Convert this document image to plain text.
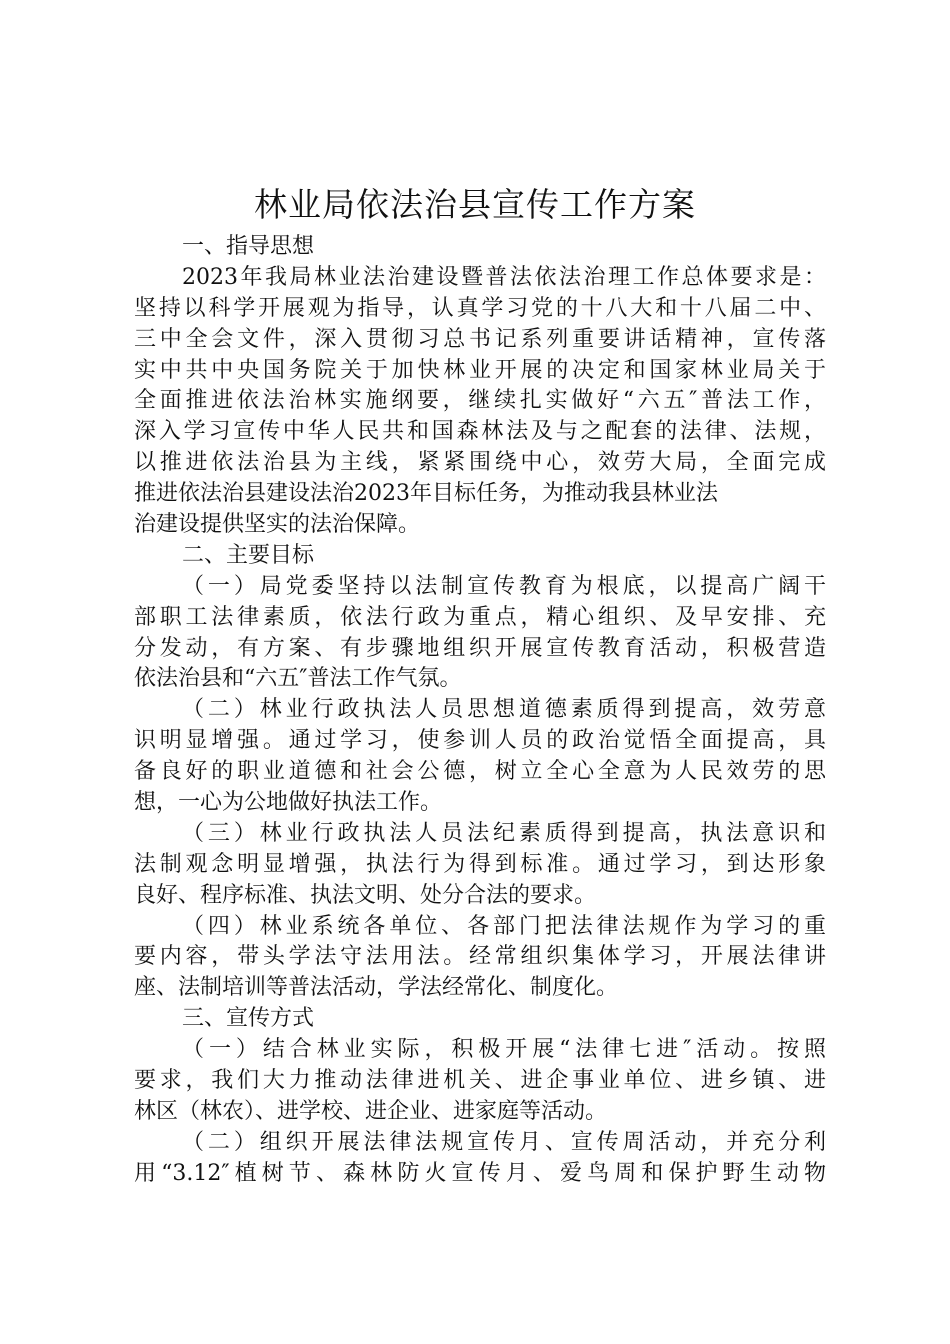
林业局依法治县宣传工作方案
一、指导思想
2023年我局林业法治建设暨普法依法治理工作总体要求是：
坚持以科学开展观为指导，认真学习党的十八大和十八届二中、
三中全会文件，深入贯彻习总书记系列重要讲话精神，宣传落
实中共中央国务院关于加快林业开展的决定和国家林业局关于
全面推进依法治林实施纲要，继续扎实做好“六五″普法工作，
深入学习宣传中华人民共和国森林法及与之配套的法律、法规，
以推进依法治县为主线，紧紧围绕中心，效劳大局，全面完成
推进依法治县建设法治2023年目标任务，为推动我县林业法
治建设提供坚实的法治保障。
二、主要目标
（一）局党委坚持以法制宣传教育为根底，以提高广阔干
部职工法律素质，依法行政为重点，精心组织、及早安排、充
分发动，有方案、有步骤地组织开展宣传教育活动，积极营造
依法治县和“六五″普法工作气氛。
（二）林业行政执法人员思想道德素质得到提高，效劳意
识明显增强。通过学习，使参训人员的政治觉悟全面提高，具
备良好的职业道德和社会公德，树立全心全意为人民效劳的思
想，一心为公地做好执法工作。
（三）林业行政执法人员法纪素质得到提高，执法意识和
法制观念明显增强，执法行为得到标准。通过学习，到达形象
良好、程序标准、执法文明、处分合法的要求。
（四）林业系统各单位、各部门把法律法规作为学习的重
要内容，带头学法守法用法。经常组织集体学习，开展法律讲
座、法制培训等普法活动，学法经常化、制度化。
三、宣传方式
（一）结合林业实际，积极开展“法律七进″活动。按照
要求，我们大力推动法律进机关、进企事业单位、进乡镇、进
林区（林农）、进学校、进企业、进家庭等活动。
（二）组织开展法律法规宣传月、宣传周活动，并充分利
用“3.12″植树节、森林防火宣传月、爱鸟周和保护野生动物
